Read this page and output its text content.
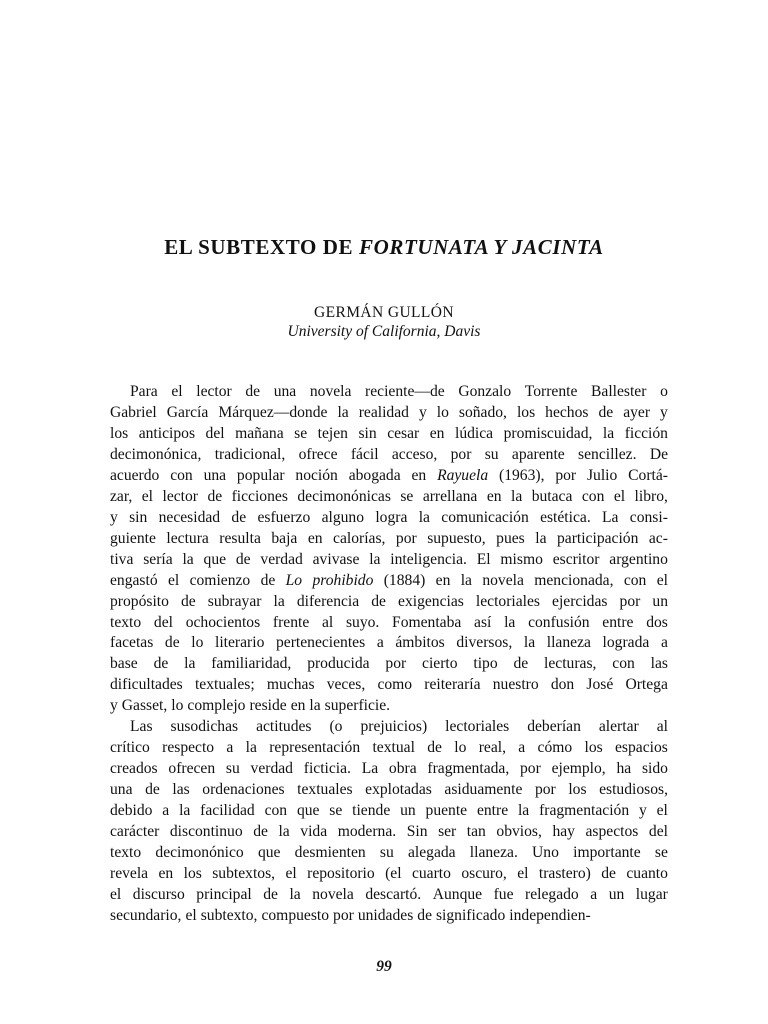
EL SUBTEXTO DE FORTUNATA Y JACINTA
GERMÁN GULLÓN
University of California, Davis
Para el lector de una novela reciente—de Gonzalo Torrente Ballester o
Gabriel García Márquez—donde la realidad y lo soñado, los hechos de ayer y
los anticipos del mañana se tejen sin cesar en lúdica promiscuidad, la ficción
decimonónica, tradicional, ofrece fácil acceso, por su aparente sencillez. De
acuerdo con una popular noción abogada en Rayuela (1963), por Julio Cortá-
zar, el lector de ficciones decimonónicas se arrellana en la butaca con el libro,
y sin necesidad de esfuerzo alguno logra la comunicación estética. La consi-
guiente lectura resulta baja en calorías, por supuesto, pues la participación ac-
tiva sería la que de verdad avivase la inteligencia. El mismo escritor argentino
engastó el comienzo de Lo prohibido (1884) en la novela mencionada, con el
propósito de subrayar la diferencia de exigencias lectoriales ejercidas por un
texto del ochocientos frente al suyo. Fomentaba así la confusión entre dos
facetas de lo literario pertenecientes a ámbitos diversos, la llaneza lograda a
base de la familiaridad, producida por cierto tipo de lecturas, con las
dificultades textuales; muchas veces, como reiteraría nuestro don José Ortega
y Gasset, lo complejo reside en la superficie.
Las susodichas actitudes (o prejuicios) lectoriales deberían alertar al
crítico respecto a la representación textual de lo real, a cómo los espacios
creados ofrecen su verdad ficticia. La obra fragmentada, por ejemplo, ha sido
una de las ordenaciones textuales explotadas asiduamente por los estudiosos,
debido a la facilidad con que se tiende un puente entre la fragmentación y el
carácter discontinuo de la vida moderna. Sin ser tan obvios, hay aspectos del
texto decimonónico que desmienten su alegada llaneza. Uno importante se
revela en los subtextos, el repositorio (el cuarto oscuro, el trastero) de cuanto
el discurso principal de la novela descartó. Aunque fue relegado a un lugar
secundario, el subtexto, compuesto por unidades de significado independien-
99
